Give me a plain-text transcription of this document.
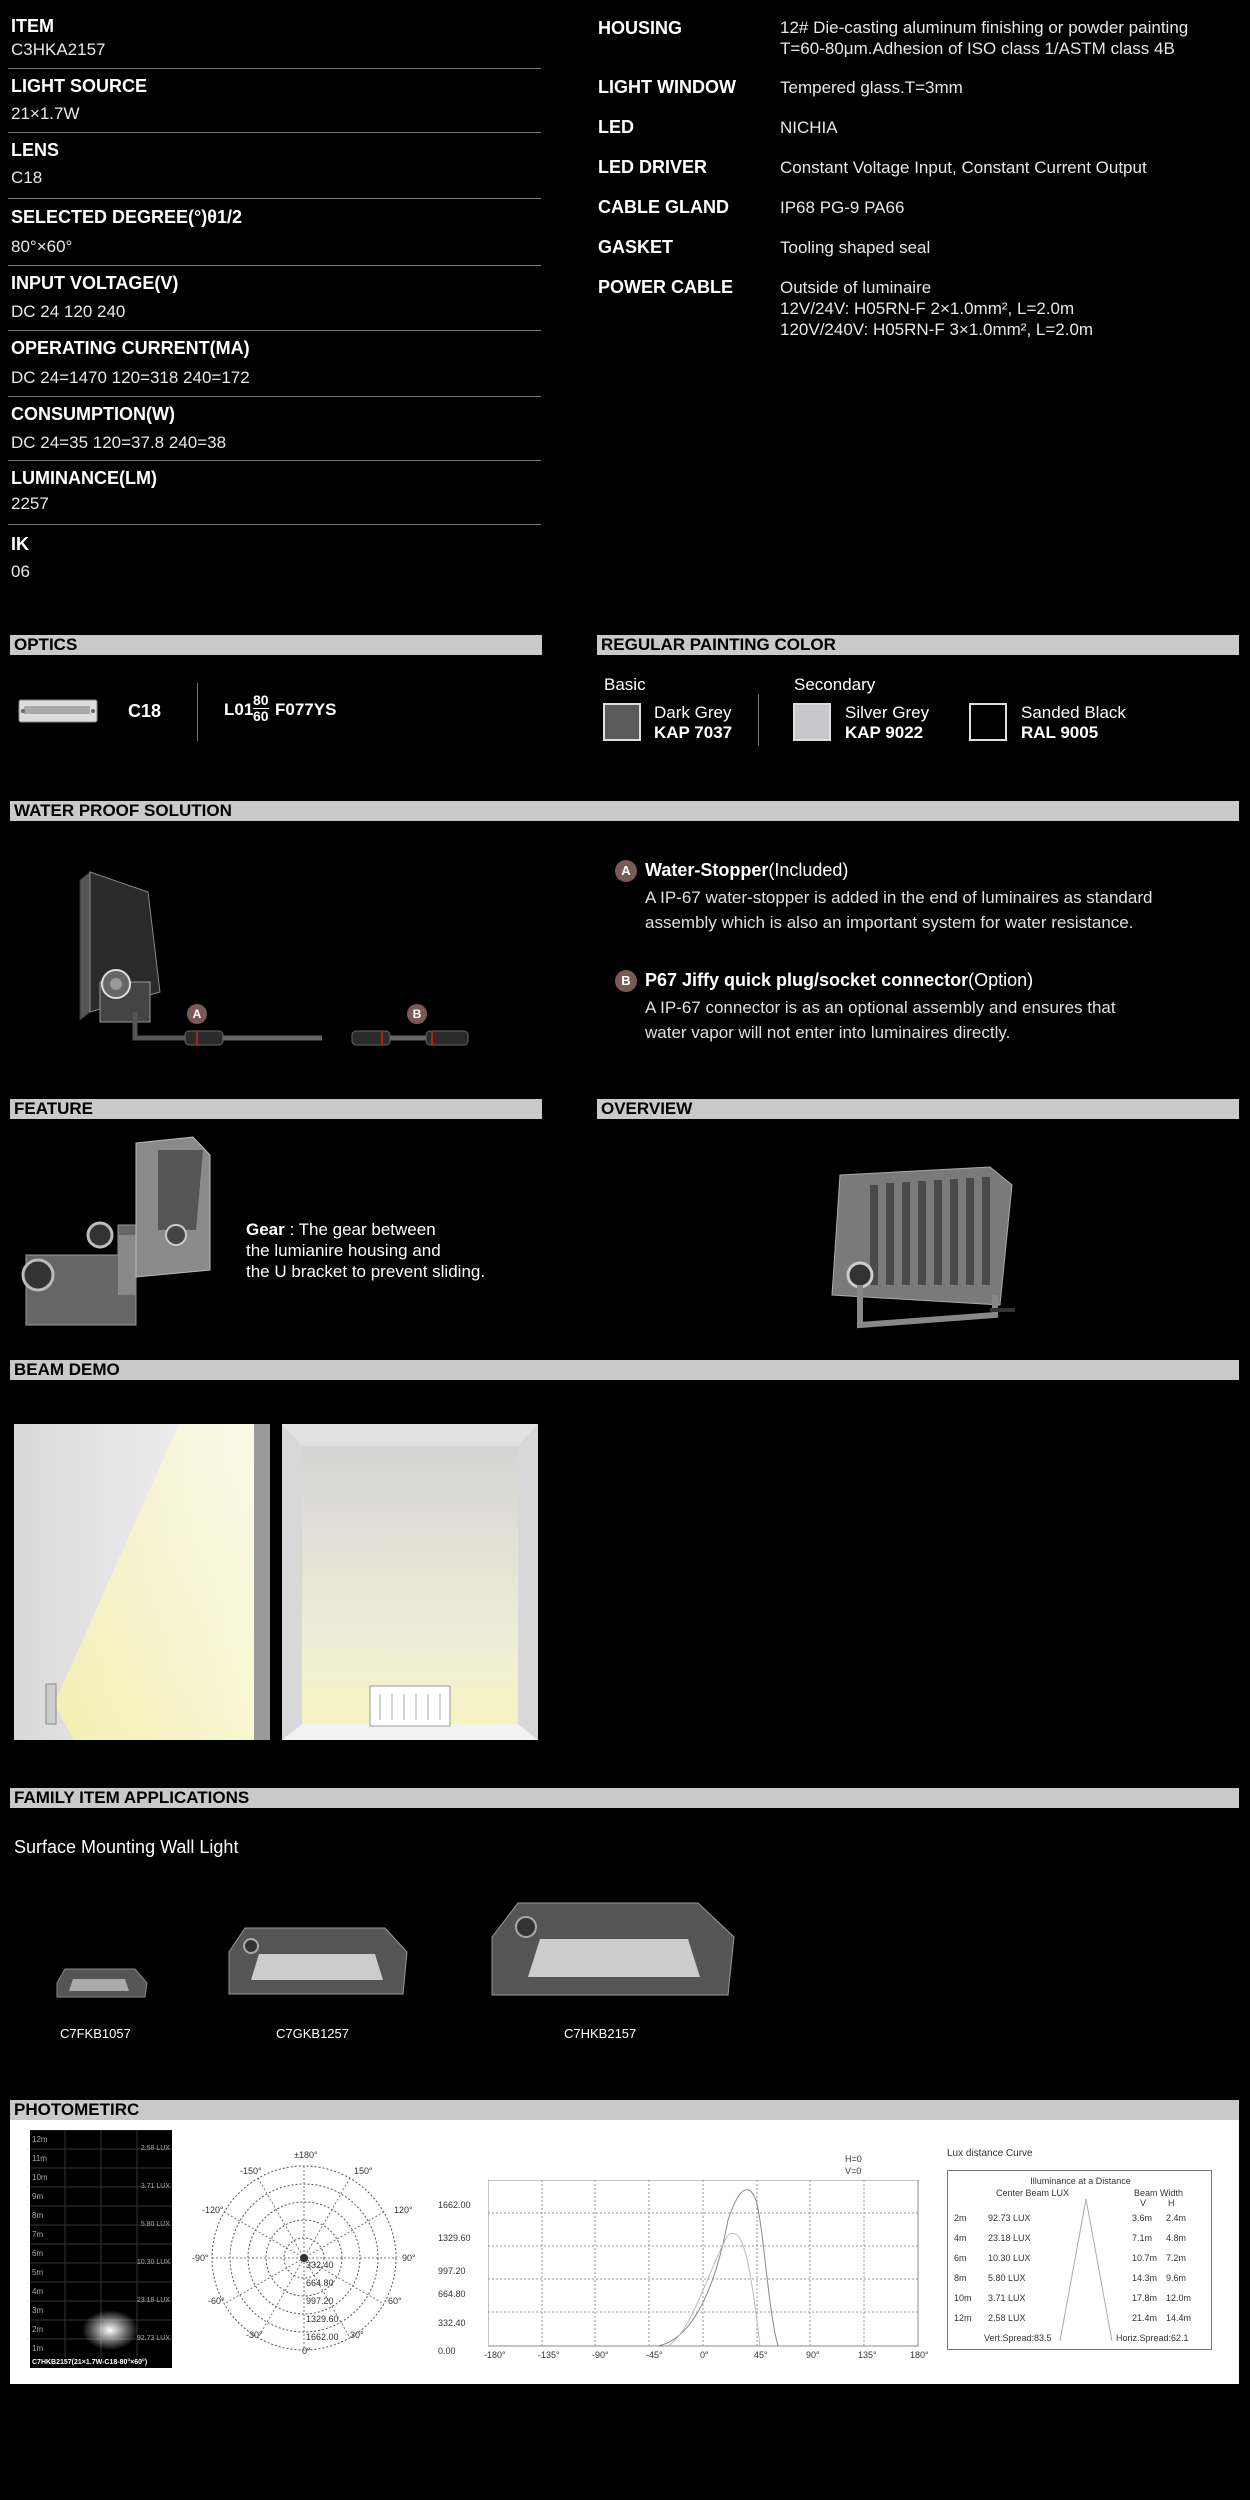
ITEM
C3HKA2157
LIGHT SOURCE
21×1.7W
LENS
C18
SELECTED DEGREE(°)θ1/2
80°×60°
INPUT VOLTAGE(V)
DC 24 120 240
OPERATING CURRENT(MA)
DC 24=1470 120=318 240=172
CONSUMPTION(W)
DC 24=35 120=37.8 240=38
LUMINANCE(LM)
2257
IK
06
HOUSING	12# Die-casting aluminum finishing or powder painting
T=60-80μm.Adhesion of ISO class 1/ASTM class 4B
LIGHT WINDOW	Tempered glass.T=3mm
LED	NICHIA
LED DRIVER	Constant Voltage Input, Constant Current Output
CABLE GLAND	IP68 PG-9 PA66
GASKET	Tooling shaped seal
POWER CABLE	Outside of luminaire
12V/24V: H05RN-F 2×1.0mm², L=2.0m
120V/240V: H05RN-F 3×1.0mm², L=2.0m
OPTICS
C18	L01 80
60 F077YS
REGULAR PAINTING COLOR
Basic	Secondary
Dark Grey
KAP 7037
Silver Grey
KAP 9022
Sanded Black
RAL 9005
WATER PROOF SOLUTION
A	B
A Water-Stopper(Included)
A IP-67 water-stopper is added in the end of luminaires as standard
assembly which is also an important system for water resistance.
B P67 Jiffy quick plug/socket connector(Option)
A IP-67 connector is as an optional assembly and ensures that
water vapor will not enter into luminaires directly.
FEATURE	OVERVIEW
Gear : The gear between
the lumianire housing and
the U bracket to prevent sliding.
BEAM DEMO
FAMILY ITEM APPLICATIONS
Surface Mounting Wall Light
C7FKB1057	C7GKB1257	C7HKB2157
PHOTOMETIRC
12m
11m
10m
9m
8m
7m
6m
5m
4m
3m
2m
1m
2.58 LUX
3.71 LUX
5.80 LUX
10.30 LUX
23.18 LUX
92.73 LUX
C7HKB2157(21×1.7W-C18-80°×60°)
±180°
-150°	150°
-120°	120°
-90°	90°
-60°	60°
-30°	30°
0°
332.40
664.80
997.20
1329.60
1662.00
H=0
V=0
1662.00
1329.60
997.20
664.80
332.40
0.00	-180°	-135°	-90°	-45°	0°	45°	90°	135°	180°
Lux distance Curve
Illuminance at a Distance
Center Beam LUX	Beam Width
V H
2m 92.73 LUX	3.6m 2.4m
4m 23.18 LUX	7.1m 4.8m
6m 10.30 LUX	10.7m 7.2m
8m 5.80 LUX	14.3m 9.6m
10m 3.71 LUX	17.8m 12.0m
12m 2.58 LUX	21.4m 14.4m
Vert.Spread:83.5	Horiz.Spread:62.1
